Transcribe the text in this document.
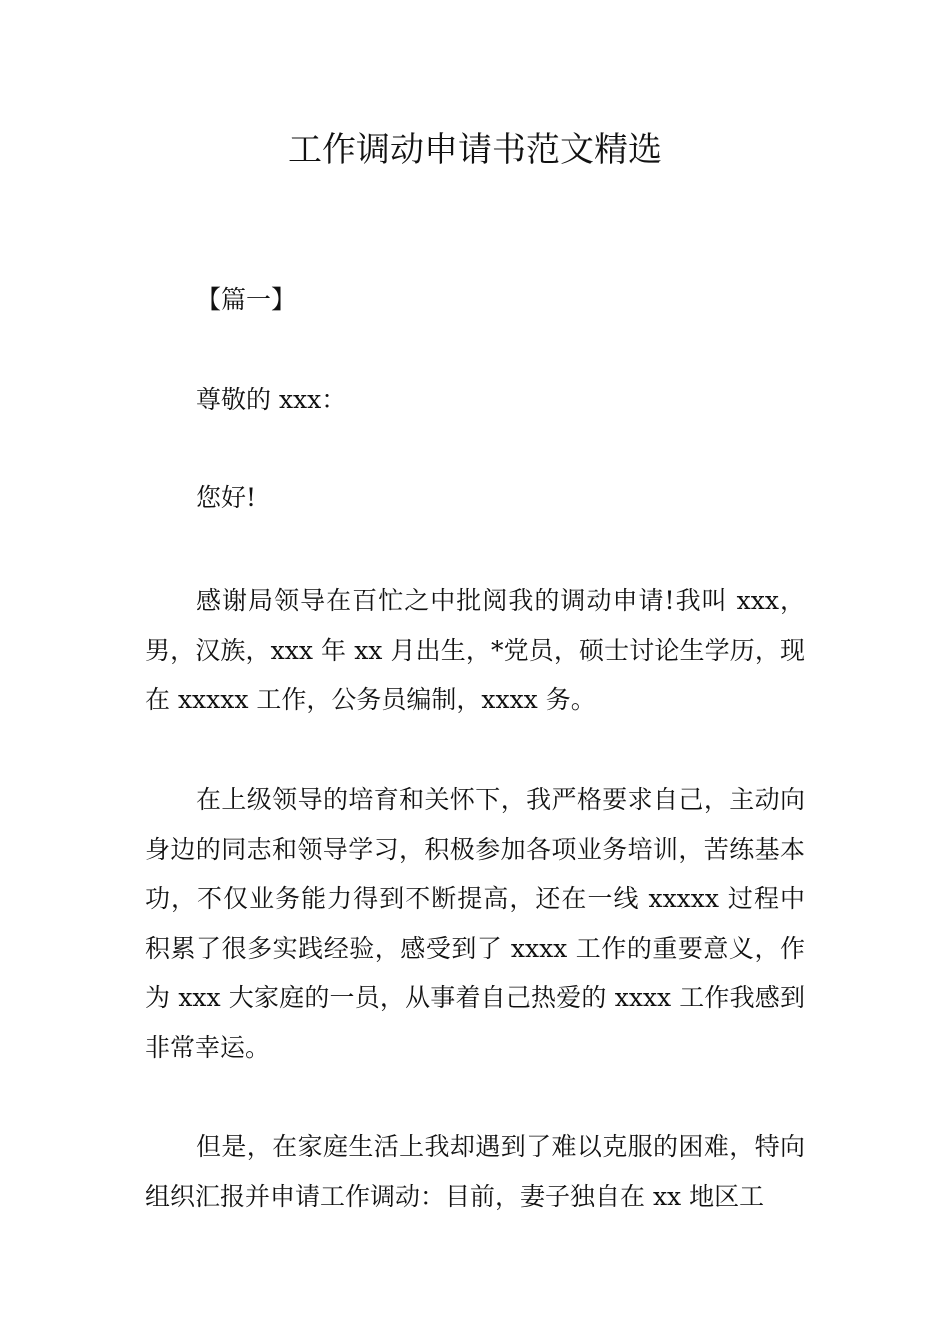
工作调动申请书范文精选
【篇一】
尊敬的 xxx：
您好!

感谢局领导在百忙之中批阅我的调动申请!我叫 xxx，男，汉族，xxx 年 xx 月出生，*党员，硕士讨论生学历，现在 xxxxx 工作，公务员编制，xxxx 务。

在上级领导的培育和关怀下，我严格要求自己，主动向身边的同志和领导学习，积极参加各项业务培训，苦练基本功，不仅业务能力得到不断提高，还在一线 xxxxx 过程中积累了很多实践经验，感受到了 xxxx 工作的重要意义，作为 xxx 大家庭的一员，从事着自己热爱的 xxxx 工作我感到非常幸运。

但是，在家庭生活上我却遇到了难以克服的困难，特向组织汇报并申请工作调动：目前，妻子独自在 xx 地区工
